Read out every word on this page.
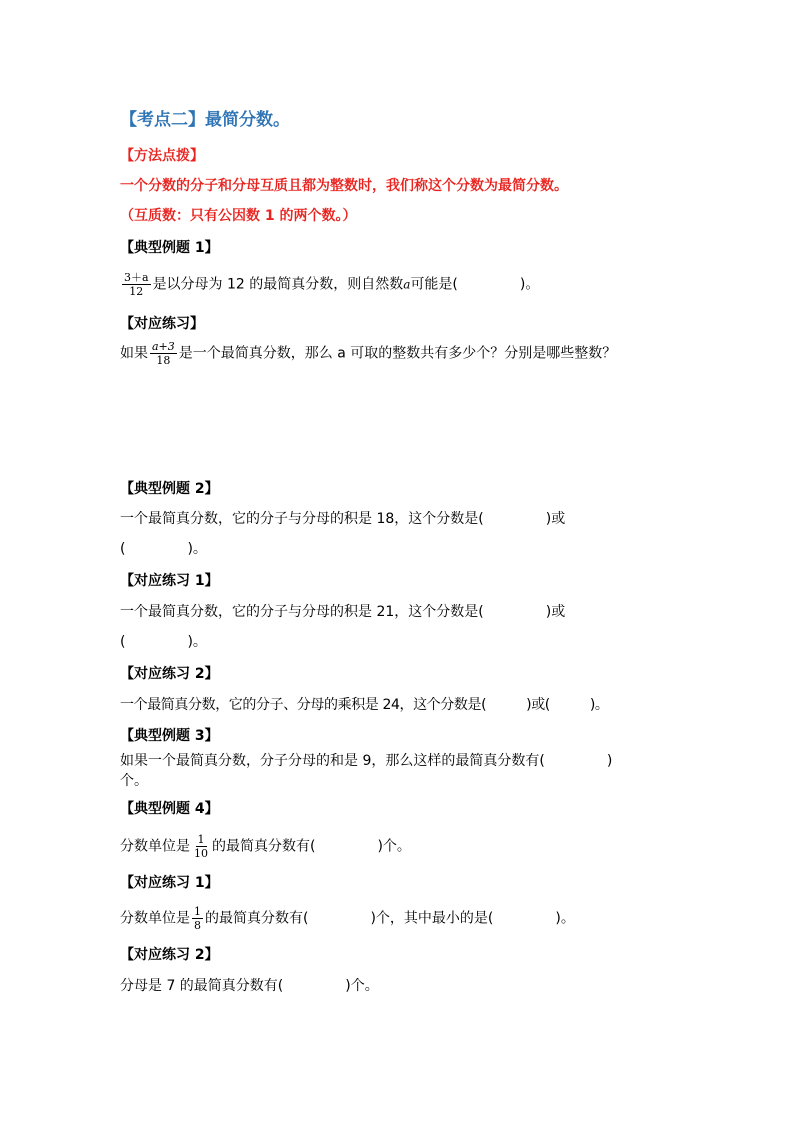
【考点二】最简分数。
【方法点拨】
一个分数的分子和分母互质且都为整数时，我们称这个分数为最简分数。
（互质数：只有公因数 1 的两个数。）
【典型例题 1】
$\frac{3+a}{12}$ 是以分母为 12 的最简真分数，则自然数a可能是(	)。
【对应练习】
如果 $\frac{a+3}{18}$ 是一个最简真分数，那么 a 可取的整数共有多少个？分别是哪些整数？
【典型例题 2】
一个最简真分数，它的分子与分母的积是 18，这个分数是(	)或
(	)。
【对应练习 1】
一个最简真分数，它的分子与分母的积是 21，这个分数是(	)或
(	)。
【对应练习 2】
一个最简真分数，它的分子、分母的乘积是 24，这个分数是(	)或(	)。
【典型例题 3】
如果一个最简真分数，分子分母的和是 9，那么这样的最简真分数有(	)
个。
【典型例题 4】
分数单位是 $\frac{1}{10}$ 的最简真分数有(	)个。
【对应练习 1】
分数单位是 $\frac{1}{8}$ 的最简真分数有(	)个，其中最小的是(	)。
【对应练习 2】
分母是 7 的最简真分数有(	)个。
